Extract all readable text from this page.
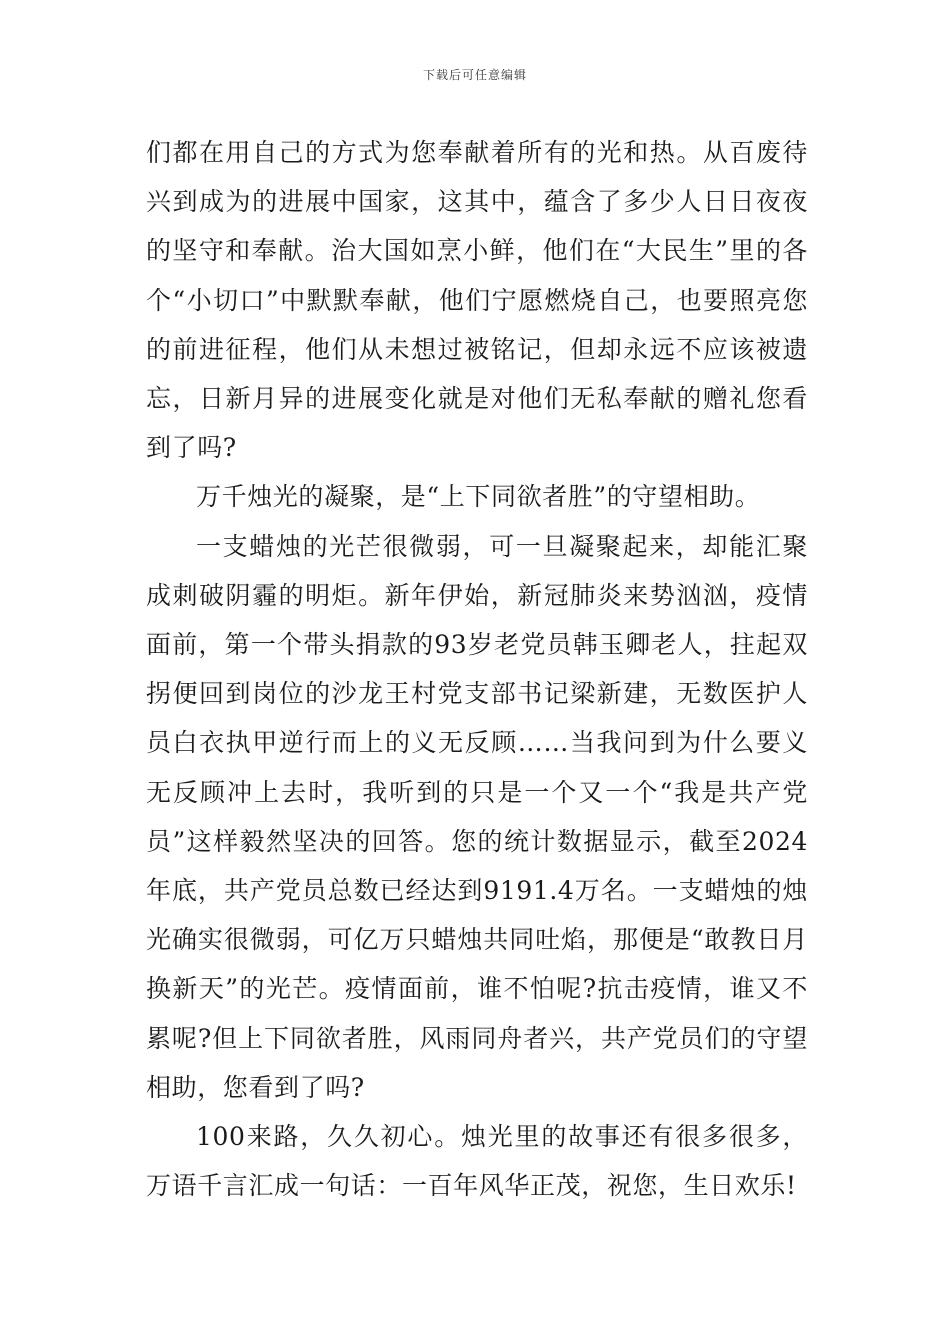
下载后可任意编辑

们都在用自己的方式为您奉献着所有的光和热。从百废待兴到成为的进展中国家，这其中，蕴含了多少人日日夜夜的坚守和奉献。治大国如烹小鲜，他们在“大民生”里的各个“小切口”中默默奉献，他们宁愿燃烧自己，也要照亮您的前进征程，他们从未想过被铭记，但却永远不应该被遗忘，日新月异的进展变化就是对他们无私奉献的赠礼您看到了吗?

万千烛光的凝聚，是“上下同欲者胜”的守望相助。

一支蜡烛的光芒很微弱，可一旦凝聚起来，却能汇聚成刺破阴霾的明炬。新年伊始，新冠肺炎来势汹汹，疫情面前，第一个带头捐款的93岁老党员韩玉卿老人，拄起双拐便回到岗位的沙龙王村党支部书记梁新建，无数医护人员白衣执甲逆行而上的义无反顾……当我问到为什么要义无反顾冲上去时，我听到的只是一个又一个“我是共产党员”这样毅然坚决的回答。您的统计数据显示，截至2024年底，共产党员总数已经达到9191.4万名。一支蜡烛的烛光确实很微弱，可亿万只蜡烛共同吐焰，那便是“敢教日月换新天”的光芒。疫情面前，谁不怕呢?抗击疫情，谁又不累呢?但上下同欲者胜，风雨同舟者兴，共产党员们的守望相助，您看到了吗?

100来路，久久初心。烛光里的故事还有很多很多，万语千言汇成一句话：一百年风华正茂，祝您，生日欢乐!
